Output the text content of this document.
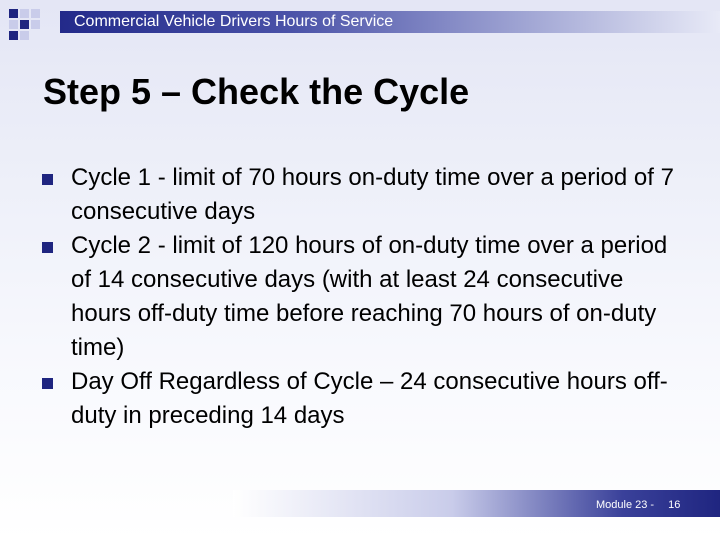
Commercial Vehicle Drivers Hours of Service
Step 5 – Check the Cycle
Cycle 1 - limit of 70 hours on-duty time over a period of 7 consecutive days
Cycle 2 - limit of 120 hours of on-duty time over a period of 14 consecutive days (with at least 24 consecutive hours off-duty time before reaching 70 hours of on-duty time)
Day Off Regardless of Cycle – 24 consecutive hours off-duty in preceding 14 days
Module 23 - 16
